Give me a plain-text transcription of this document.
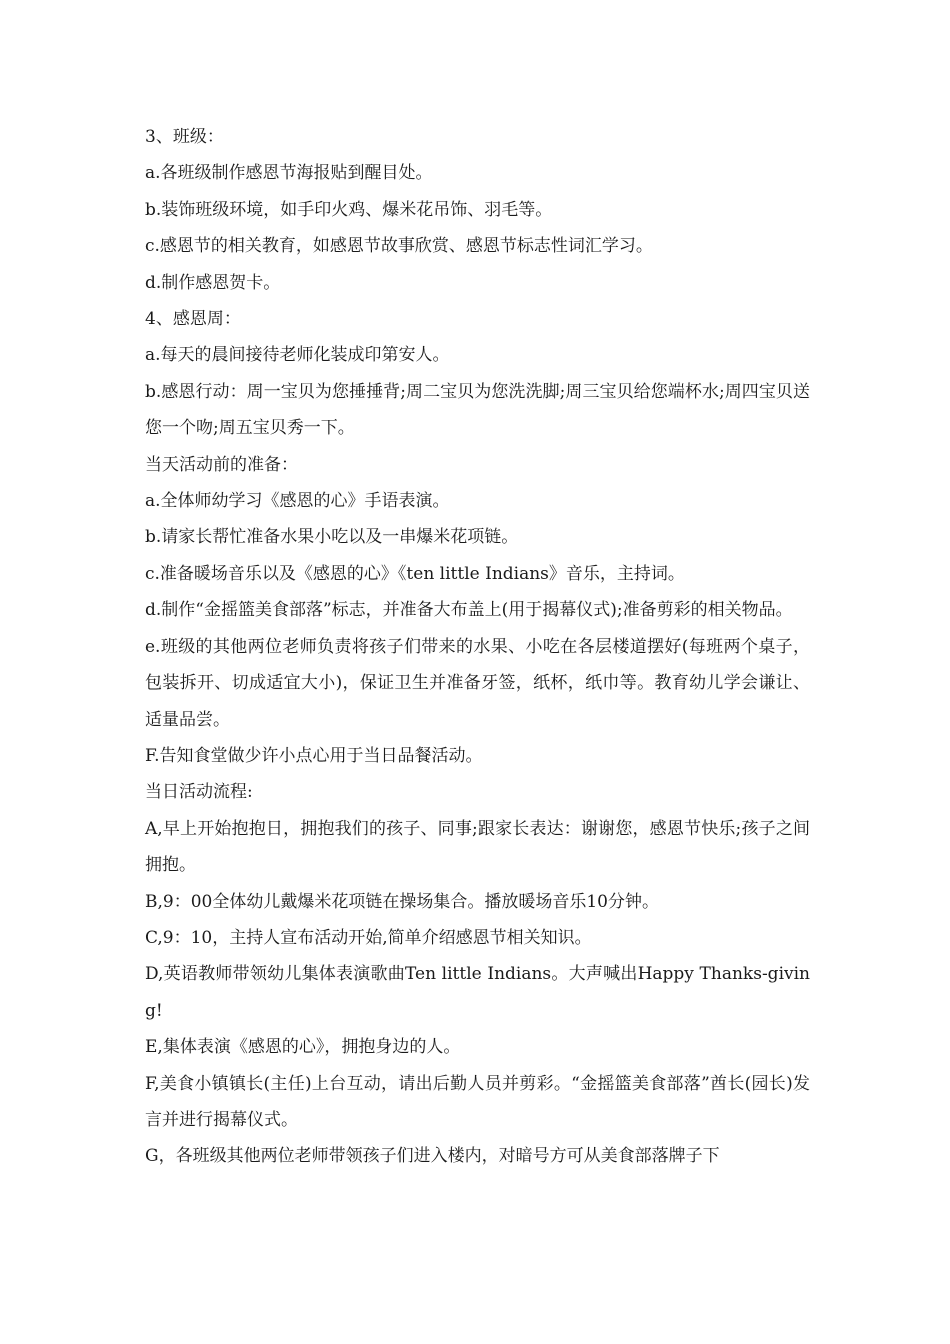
3、班级：

a.各班级制作感恩节海报贴到醒目处。

b.装饰班级环境，如手印火鸡、爆米花吊饰、羽毛等。

c.感恩节的相关教育，如感恩节故事欣赏、感恩节标志性词汇学习。

d.制作感恩贺卡。

4、感恩周：

a.每天的晨间接待老师化装成印第安人。

b.感恩行动：周一宝贝为您捶捶背;周二宝贝为您洗洗脚;周三宝贝给您端杯水;周四宝贝送您一个吻;周五宝贝秀一下。

当天活动前的准备：

a.全体师幼学习《感恩的心》手语表演。

b.请家长帮忙准备水果小吃以及一串爆米花项链。

c.准备暖场音乐以及《感恩的心》《ten little Indians》音乐，主持词。

d.制作“金摇篮美食部落”标志，并准备大布盖上(用于揭幕仪式);准备剪彩的相关物品。

e.班级的其他两位老师负责将孩子们带来的水果、小吃在各层楼道摆好(每班两个桌子，包装拆开、切成适宜大小)，保证卫生并准备牙签，纸杯，纸巾等。教育幼儿学会谦让、适量品尝。

F.告知食堂做少许小点心用于当日品餐活动。

当日活动流程:

A,早上开始抱抱日，拥抱我们的孩子、同事;跟家长表达：谢谢您，感恩节快乐;孩子之间拥抱。

B,9：00全体幼儿戴爆米花项链在操场集合。播放暖场音乐10分钟。

C,9：10，主持人宣布活动开始,简单介绍感恩节相关知识。

D,英语教师带领幼儿集体表演歌曲Ten little Indians。大声喊出Happy Thanks-giving!

E,集体表演《感恩的心》，拥抱身边的人。

F,美食小镇镇长(主任)上台互动，请出后勤人员并剪彩。“金摇篮美食部落”酋长(园长)发言并进行揭幕仪式。

G，各班级其他两位老师带领孩子们进入楼内，对暗号方可从美食部落牌子下
